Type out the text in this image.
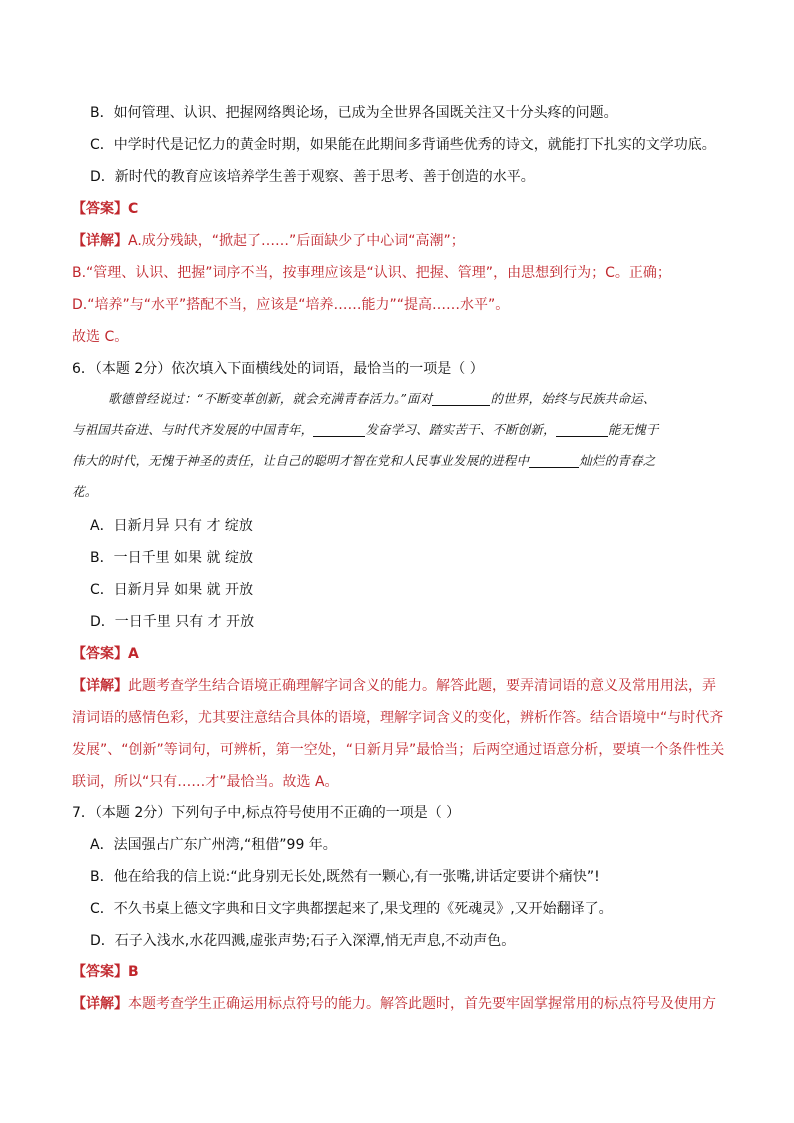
B．如何管理、认识、把握网络舆论场，已成为全世界各国既关注又十分头疼的问题。
C．中学时代是记忆力的黄金时期，如果能在此期间多背诵些优秀的诗文，就能打下扎实的文学功底。
D．新时代的教育应该培养学生善于观察、善于思考、善于创造的水平。
【答案】C
【详解】A.成分残缺，“掀起了……”后面缺少了中心词“高潮”；
B.“管理、认识、把握”词序不当，按事理应该是“认识、把握、管理”，由思想到行为；C。正确；
D.“培养”与“水平”搭配不当，应该是“培养……能力”“提高……水平”。
故选 C。
6．（本题 2分）依次填入下面横线处的词语，最恰当的一项是（ ）
歌德曾经说过：“不断变革创新，就会充满青春活力。”面对	的世界，始终与民族共命运、
与祖国共奋进、与时代齐发展的中国青年，	发奋学习、踏实苦干、不断创新，	能无愧于
伟大的时代，无愧于神圣的责任，让自己的聪明才智在党和人民事业发展的进程中	灿烂的青春之
花。
A．日新月异 只有 才 绽放
B．一日千里 如果 就 绽放
C．日新月异 如果 就 开放
D．一日千里 只有 才 开放
【答案】A
【详解】此题考查学生结合语境正确理解字词含义的能力。解答此题，要弄清词语的意义及常用用法，弄
清词语的感情色彩，尤其要注意结合具体的语境，理解字词含义的变化，辨析作答。结合语境中“与时代齐
发展”、“创新”等词句，可辨析，第一空处，“日新月异”最恰当；后两空通过语意分析，要填一个条件性关
联词，所以“只有……才”最恰当。故选 A。
7．（本题 2分）下列句子中,标点符号使用不正确的一项是（ ）
A．法国强占广东广州湾,“租借”99 年。
B．他在给我的信上说:“此身别无长处,既然有一颗心,有一张嘴,讲话定要讲个痛快”!
C．不久书桌上德文字典和日文字典都摆起来了,果戈理的《死魂灵》,又开始翻译了。
D．石子入浅水,水花四溅,虚张声势;石子入深潭,悄无声息,不动声色。
【答案】B
【详解】本题考查学生正确运用标点符号的能力。解答此题时，首先要牢固掌握常用的标点符号及使用方
